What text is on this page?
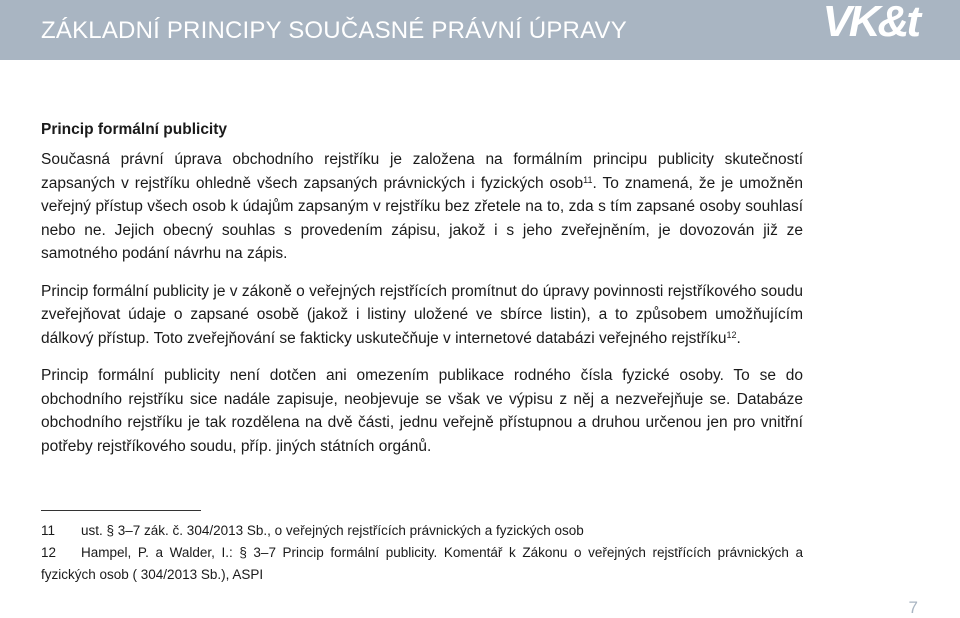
ZÁKLADNÍ PRINCIPY SOUČASNÉ PRÁVNÍ ÚPRAVY	VK&t
Princip formální publicity

Současná právní úprava obchodního rejstříku je založena na formálním principu publicity skutečností zapsaných v rejstříku ohledně všech zapsaných právnických i fyzických osob$^{11}$. To znamená, že je umožněn veřejný přístup všech osob k údajům zapsaným v rejstříku bez zřetele na to, zda s tím zapsané osoby souhlasí nebo ne. Jejich obecný souhlas s provedením zápisu, jakož i s jeho zveřejněním, je dovozován již ze samotného podání návrhu na zápis.

Princip formální publicity je v zákoně o veřejných rejstřících promítnut do úpravy povinnosti rejstříkového soudu zveřejňovat údaje o zapsané osobě (jakož i listiny uložené ve sbírce listin), a to způsobem umožňujícím dálkový přístup. Toto zveřejňování se fakticky uskutečňuje v internetové databázi veřejného rejstříku$^{12}$.

Princip formální publicity není dotčen ani omezením publikace rodného čísla fyzické osoby. To se do obchodního rejstříku sice nadále zapisuje, neobjevuje se však ve výpisu z něj a nezveřejňuje se. Databáze obchodního rejstříku je tak rozdělena na dvě části, jednu veřejně přístupnou a druhou určenou jen pro vnitřní potřeby rejstříkového soudu, příp. jiných státních orgánů.

11 ust. § 3–7 zák. č. 304/2013 Sb., o veřejných rejstřících právnických a fyzických osob

12 Hampel, P. a Walder, I.: § 3–7 Princip formální publicity. Komentář k Zákonu o veřejných rejstřících právnických a fyzických osob ( 304/2013 Sb.), ASPI

7
